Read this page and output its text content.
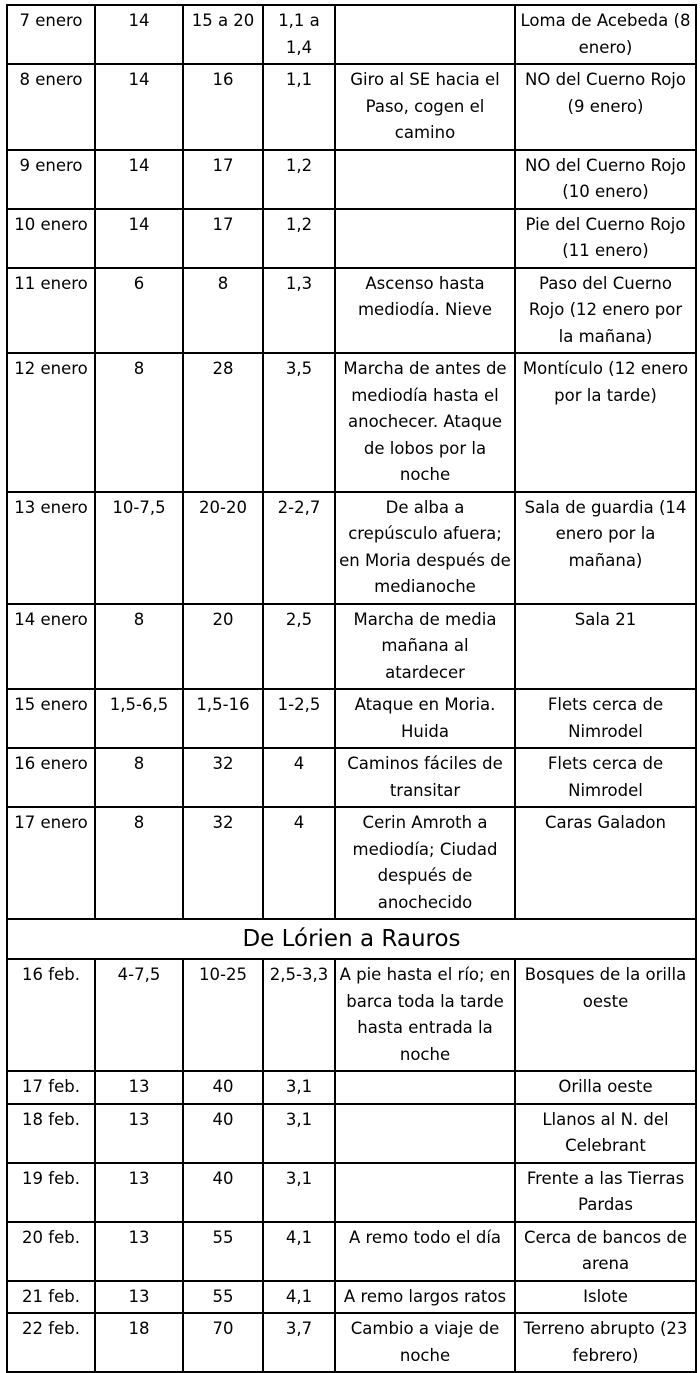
7 enero	14	15 a 20	1,1 a 1,4		Loma de Acebeda (8 enero)
8 enero	14	16	1,1	Giro al SE hacia el Paso, cogen el camino	NO del Cuerno Rojo (9 enero)
9 enero	14	17	1,2		NO del Cuerno Rojo (10 enero)
10 enero	14	17	1,2		Pie del Cuerno Rojo (11 enero)
11 enero	6	8	1,3	Ascenso hasta mediodía. Nieve	Paso del Cuerno Rojo (12 enero por la mañana)
12 enero	8	28	3,5	Marcha de antes de mediodía hasta el anochecer. Ataque de lobos por la noche	Montículo (12 enero por la tarde)
13 enero	10-7,5	20-20	2-2,7	De alba a crepúsculo afuera; en Moria después de medianoche	Sala de guardia (14 enero por la mañana)
14 enero	8	20	2,5	Marcha de media mañana al atardecer	Sala 21
15 enero	1,5-6,5	1,5-16	1-2,5	Ataque en Moria. Huida	Flets cerca de Nimrodel
16 enero	8	32	4	Caminos fáciles de transitar	Flets cerca de Nimrodel
17 enero	8	32	4	Cerin Amroth a mediodía; Ciudad después de anochecido	Caras Galadon
De Lórien a Rauros					
16 feb.	4-7,5	10-25	2,5-3,3	A pie hasta el río; en barca toda la tarde hasta entrada la noche	Bosques de la orilla oeste
17 feb.	13	40	3,1		Orilla oeste
18 feb.	13	40	3,1		Llanos al N. del Celebrant
19 feb.	13	40	3,1		Frente a las Tierras Pardas
20 feb.	13	55	4,1	A remo todo el día	Cerca de bancos de arena
21 feb.	13	55	4,1	A remo largos ratos	Islote
22 feb.	18	70	3,7	Cambio a viaje de noche	Terreno abrupto (23 febrero)
